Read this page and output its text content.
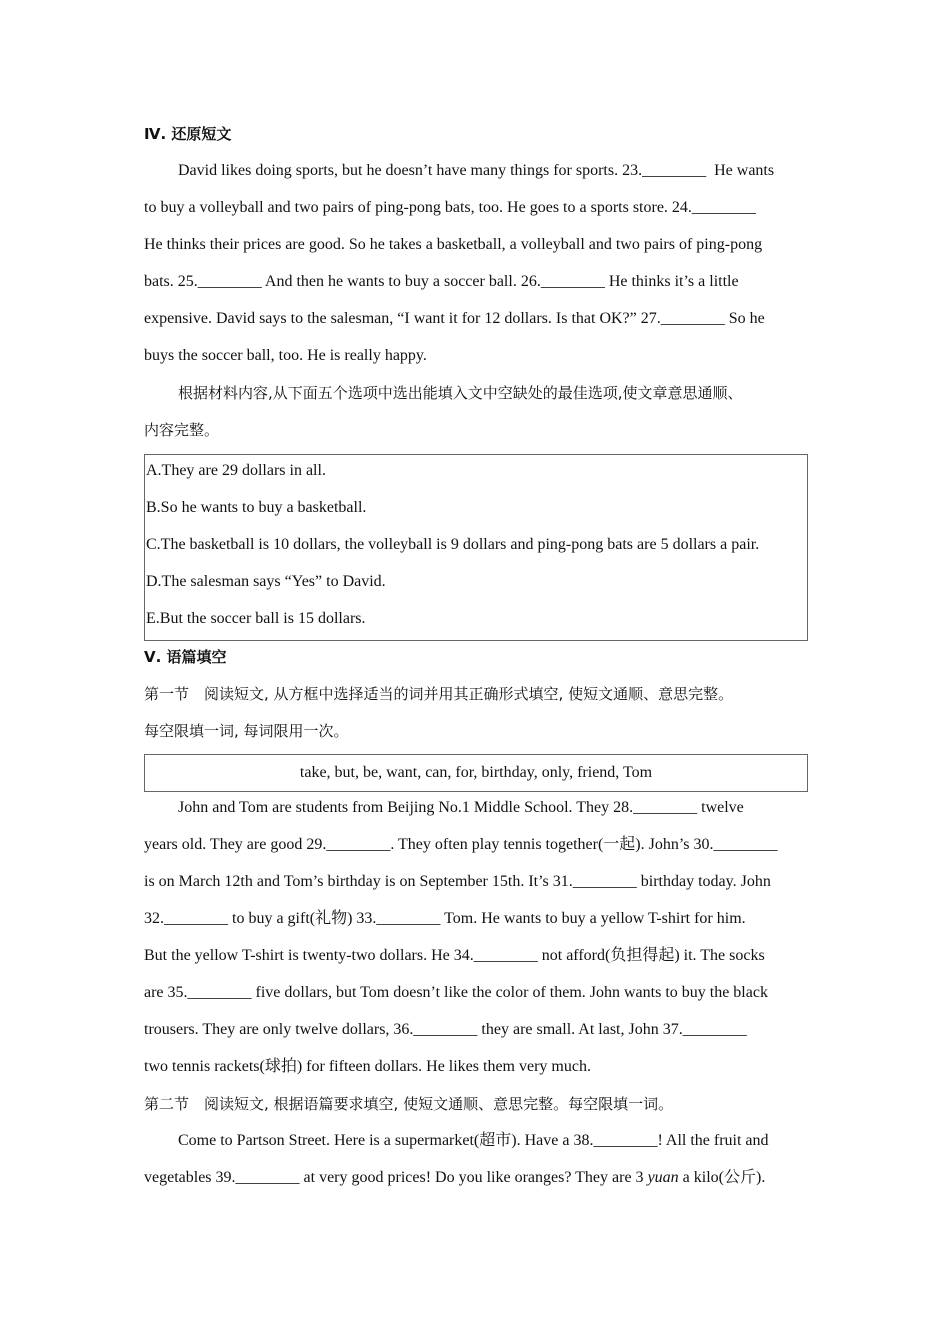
Ⅳ. 还原短文
David likes doing sports, but he doesn’t have many things for sports. 23.________  He wants
to buy a volleyball and two pairs of ping-pong bats, too. He goes to a sports store. 24.________
He thinks their prices are good. So he takes a basketball, a volleyball and two pairs of ping-pong
bats. 25.________ And then he wants to buy a soccer ball. 26.________ He thinks it’s a little
expensive. David says to the salesman, “I want it for 12 dollars. Is that OK?” 27.________ So he
buys the soccer ball, too. He is really happy.
根据材料内容,从下面五个选项中选出能填入文中空缺处的最佳选项,使文章意思通顺、
内容完整。
A.They are 29 dollars in all.
B.So he wants to buy a basketball.
C.The basketball is 10 dollars, the volleyball is 9 dollars and ping-pong bats are 5 dollars a pair.
D.The salesman says “Yes” to David.
E.But the soccer ball is 15 dollars.
Ⅴ. 语篇填空
第一节　阅读短文, 从方框中选择适当的词并用其正确形式填空, 使短文通顺、意思完整。
每空限填一词, 每词限用一次。
take, but, be, want, can, for, birthday, only, friend, Tom
John and Tom are students from Beijing No.1 Middle School. They 28.________ twelve
years old. They are good 29.________. They often play tennis together(一起). John’s 30.________
is on March 12th and Tom’s birthday is on September 15th. It’s 31.________ birthday today. John
32.________ to buy a gift(礼物) 33.________ Tom. He wants to buy a yellow T-shirt for him.
But the yellow T-shirt is twenty-two dollars. He 34.________ not afford(负担得起) it. The socks
are 35.________ five dollars, but Tom doesn’t like the color of them. John wants to buy the black
trousers. They are only twelve dollars, 36.________ they are small. At last, John 37.________
two tennis rackets(球拍) for fifteen dollars. He likes them very much.
第二节　阅读短文, 根据语篇要求填空, 使短文通顺、意思完整。每空限填一词。
Come to Partson Street. Here is a supermarket(超市). Have a 38.________! All the fruit and
vegetables 39.________ at very good prices! Do you like oranges? They are 3 yuan a kilo(公斤).
